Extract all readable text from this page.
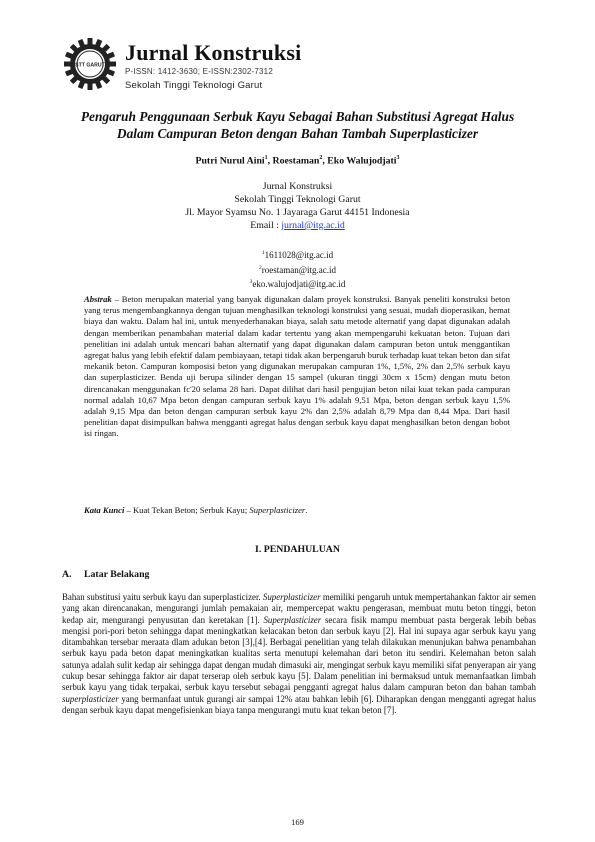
STT GARUT
Jurnal Konstruksi
P-ISSN: 1412-3630; E-ISSN:2302-7312
Sekolah Tinggi Teknologi Garut
Pengaruh Penggunaan Serbuk Kayu Sebagai Bahan Substitusi Agregat Halus
Dalam Campuran Beton dengan Bahan Tambah Superplasticizer
Putri Nurul Aini$^1$, Roestaman$^2$, Eko Walujodjati$^3$
Jurnal Konstruksi
Sekolah Tinggi Teknologi Garut
Jl. Mayor Syamsu No. 1 Jayaraga Garut 44151 Indonesia
Email : jurnal@itg.ac.id
$^1$1611028@itg.ac.id
$^2$roestaman@itg.ac.id
$^3$eko.walujodjati@itg.ac.id
Abstrak – Beton merupakan material yang banyak digunakan dalam proyek konstruksi. Banyak peneliti konstruksi beton yang terus mengembangkannya dengan tujuan menghasilkan teknologi konstruksi yang sesuai, mudah dioperasikan, hemat biaya dan waktu. Dalam hal ini, untuk menyederhanakan biaya, salah satu metode alternatif yang dapat digunakan adalah dengan memberikan penambahan material dalam kadar tertentu yang akan mempengaruhi kekuatan beton. Tujuan dari penelitian ini adalah untuk mencari bahan alternatif yang dapat digunakan dalam campuran beton untuk menggantikan agregat halus yang lebih efektif dalam pembiayaan, tetapi tidak akan berpengaruh buruk terhadap kuat tekan beton dan sifat mekanik beton. Campuran komposisi beton yang digunakan merupakan campuran 1%, 1,5%, 2% dan 2,5% serbuk kayu dan superplasticizer. Benda uji berupa silinder dengan 15 sampel (ukuran tinggi 30cm x 15cm) dengan mutu beton direncanakan menggunakan fc'20 selama 28 hari. Dapat dilihat dari hasil pengujian beton nilai kuat tekan pada campuran normal adalah 10,67 Mpa beton dengan campuran serbuk kayu 1% adalah 9,51 Mpa, beton dengan serbuk kayu 1,5% adalah 9,15 Mpa dan beton dengan campuran serbuk kayu 2% dan 2,5% adalah 8,79 Mpa dan 8,44 Mpa. Dari hasil penelitian dapat disimpulkan bahwa mengganti agregat halus dengan serbuk kayu dapat menghasilkan beton dengan bobot isi ringan.
Kata Kunci – Kuat Tekan Beton; Serbuk Kayu; Superplasticizer.
I. PENDAHULUAN
A. Latar Belakang
Bahan substitusi yaitu serbuk kayu dan superplasticizer. Superplasticizer memiliki pengaruh untuk mempertahankan faktor air semen yang akan direncanakan, mengurangi jumlah pemakaian air, mempercepat waktu pengerasan, membuat mutu beton tinggi, beton kedap air, mengurangi penyusutan dan keretakan [1]. Superplasticizer secara fisik mampu membuat pasta bergerak lebih bebas mengisi pori-pori beton sehingga dapat meningkatkan kelacakan beton dan serbuk kayu [2]. Hal ini supaya agar serbuk kayu yang ditambahkan tersebar meraata dlam adukan beton [3],[4]. Berbagai penelitian yang telah dilakukan menunjukan bahwa penambahan serbuk kayu pada beton dapat meningkatkan kualitas serta menutupi kelemahan dari beton itu sendiri. Kelemahan beton salah satunya adalah sulit kedap air sehingga dapat dengan mudah dimasuki air, mengingat serbuk kayu memiliki sifat penyerapan air yang cukup besar sehingga faktor air dapat terserap oleh serbuk kayu [5]. Dalam penelitian ini bermaksud untuk memanfaatkan limbah serbuk kayu yang tidak terpakai, serbuk kayu tersebut sebagai pengganti agregat halus dalam campuran beton dan bahan tambah superplasticizer yang bermanfaat untuk gurangi air sampai 12% atau bahkan lebih [6]. Diharapkan dengan mengganti agregat halus dengan serbuk kayu dapat mengefisienkan biaya tanpa mengurangi mutu kuat tekan beton [7].
169
